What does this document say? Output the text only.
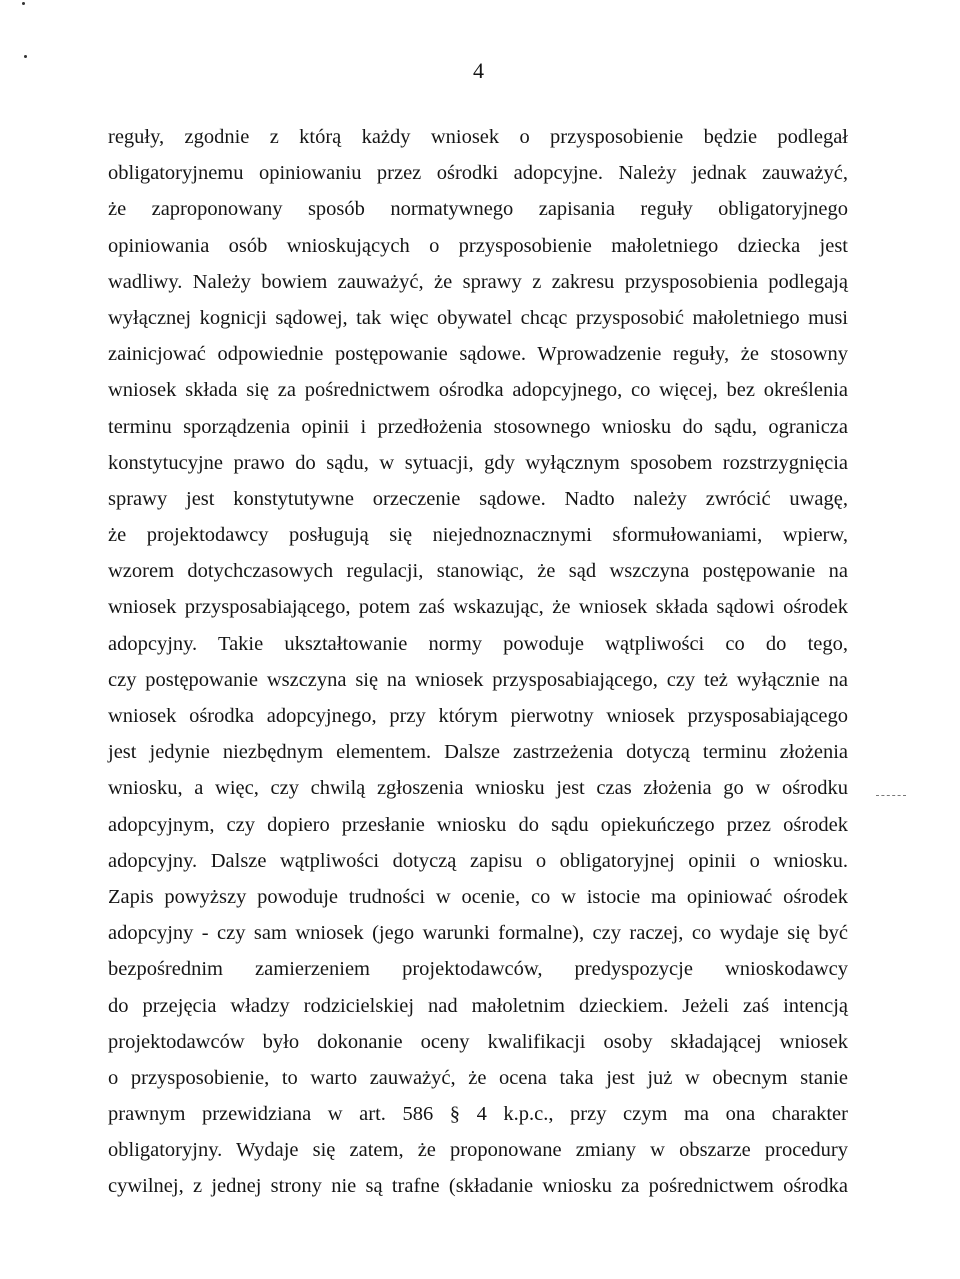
4
reguły, zgodnie z którą każdy wniosek o przysposobienie będzie podlegał
obligatoryjnemu opiniowaniu przez ośrodki adopcyjne. Należy jednak zauważyć,
że zaproponowany sposób normatywnego zapisania reguły obligatoryjnego
opiniowania osób wnioskujących o przysposobienie małoletniego dziecka jest
wadliwy. Należy bowiem zauważyć, że sprawy z zakresu przysposobienia podlegają
wyłącznej kognicji sądowej, tak więc obywatel chcąc przysposobić małoletniego musi
zainicjować odpowiednie postępowanie sądowe. Wprowadzenie reguły, że stosowny
wniosek składa się za pośrednictwem ośrodka adopcyjnego, co więcej, bez określenia
terminu sporządzenia opinii i przedłożenia stosownego wniosku do sądu, ogranicza
konstytucyjne prawo do sądu, w sytuacji, gdy wyłącznym sposobem rozstrzygnięcia
sprawy jest konstytutywne orzeczenie sądowe. Nadto należy zwrócić uwagę,
że projektodawcy posługują się niejednoznacznymi sformułowaniami, wpierw,
wzorem dotychczasowych regulacji, stanowiąc, że sąd wszczyna postępowanie na
wniosek przysposabiającego, potem zaś wskazując, że wniosek składa sądowi ośrodek
adopcyjny. Takie ukształtowanie normy powoduje wątpliwości co do tego,
czy postępowanie wszczyna się na wniosek przysposabiającego, czy też wyłącznie na
wniosek ośrodka adopcyjnego, przy którym pierwotny wniosek przysposabiającego
jest jedynie niezbędnym elementem. Dalsze zastrzeżenia dotyczą terminu złożenia
wniosku, a więc, czy chwilą zgłoszenia wniosku jest czas złożenia go w ośrodku
adopcyjnym, czy dopiero przesłanie wniosku do sądu opiekuńczego przez ośrodek
adopcyjny. Dalsze wątpliwości dotyczą zapisu o obligatoryjnej opinii o wniosku.
Zapis powyższy powoduje trudności w ocenie, co w istocie ma opiniować ośrodek
adopcyjny - czy sam wniosek (jego warunki formalne), czy raczej, co wydaje się być
bezpośrednim zamierzeniem projektodawców, predyspozycje wnioskodawcy
do przejęcia władzy rodzicielskiej nad małoletnim dzieckiem. Jeżeli zaś intencją
projektodawców było dokonanie oceny kwalifikacji osoby składającej wniosek
o przysposobienie, to warto zauważyć, że ocena taka jest już w obecnym stanie
prawnym przewidziana w art. 586 § 4 k.p.c., przy czym ma ona charakter
obligatoryjny. Wydaje się zatem, że proponowane zmiany w obszarze procedury
cywilnej, z jednej strony nie są trafne (składanie wniosku za pośrednictwem ośrodka
